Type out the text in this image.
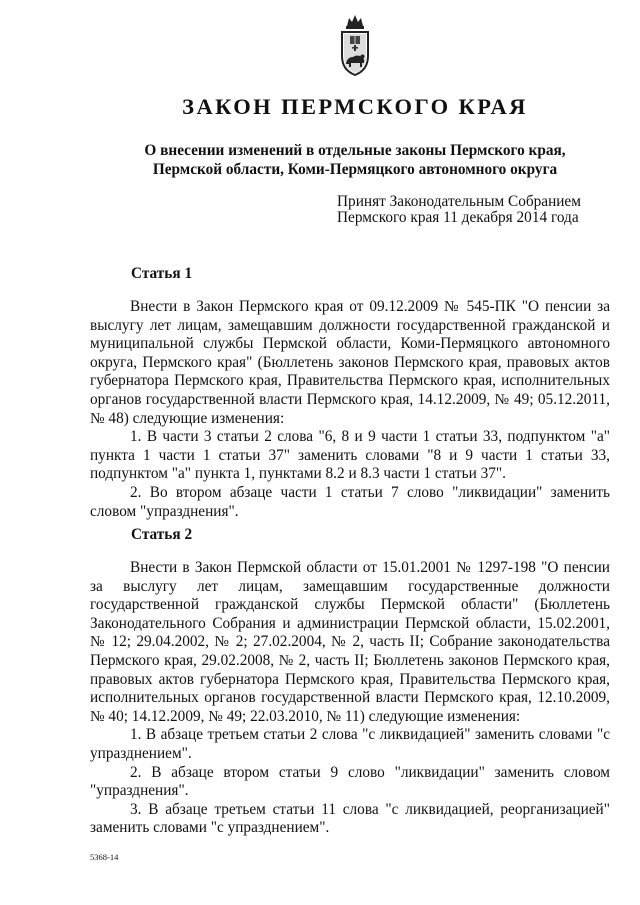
ЗАКОН ПЕРМСКОГО КРАЯ
О внесении изменений в отдельные законы Пермского края,
Пермской области, Коми-Пермяцкого автономного округа
Принят Законодательным Собранием
Пермского края 11 декабря 2014 года
Статья 1

Внести в Закон Пермского края от 09.12.2009 № 545-ПК "О пенсии за выслугу лет лицам, замещавшим должности государственной гражданской и муниципальной службы Пермской области, Коми-Пермяцкого автономного округа, Пермского края" (Бюллетень законов Пермского края, правовых актов губернатора Пермского края, Правительства Пермского края, исполнительных органов государственной власти Пермского края, 14.12.2009, № 49; 05.12.2011, № 48) следующие изменения:

1. В части 3 статьи 2 слова "6, 8 и 9 части 1 статьи 33, подпунктом "а" пункта 1 части 1 статьи 37" заменить словами "8 и 9 части 1 статьи 33, подпунктом "а" пункта 1, пунктами 8.2 и 8.3 части 1 статьи 37".

2. Во втором абзаце части 1 статьи 7 слово "ликвидации" заменить словом "упразднения".

Статья 2

Внести в Закон Пермской области от 15.01.2001 № 1297-198 "О пенсии за выслугу лет лицам, замещавшим государственные должности государственной гражданской службы Пермской области" (Бюллетень Законодательного Собрания и администрации Пермской области, 15.02.2001, № 12; 29.04.2002, № 2; 27.02.2004, № 2, часть II; Собрание законодательства Пермского края, 29.02.2008, № 2, часть II; Бюллетень законов Пермского края, правовых актов губернатора Пермского края, Правительства Пермского края, исполнительных органов государственной власти Пермского края, 12.10.2009, № 40; 14.12.2009, № 49; 22.03.2010, № 11) следующие изменения:

1. В абзаце третьем статьи 2 слова "с ликвидацией" заменить словами "с упразднением".

2. В абзаце втором статьи 9 слово "ликвидации" заменить словом "упразднения".

3. В абзаце третьем статьи 11 слова "с ликвидацией, реорганизацией" заменить словами "с упразднением".

5368-14
